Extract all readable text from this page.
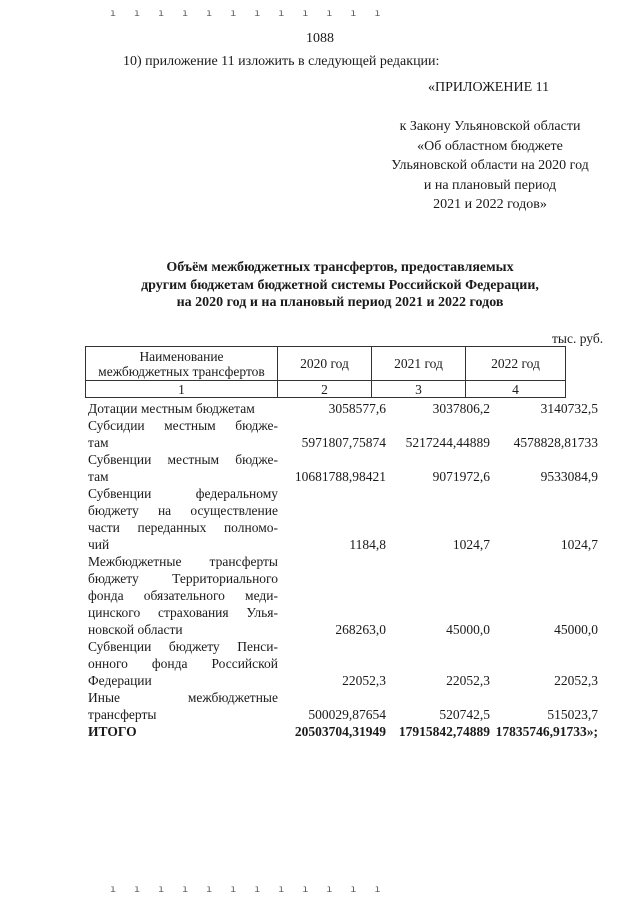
ı ı ı ı ı ı ı ı ı ı ı ı
1088
10) приложение 11 изложить в следующей редакции:
«ПРИЛОЖЕНИЕ 11
к Закону Ульяновской области
«Об областном бюджете
Ульяновской области на 2020 год
и на плановый период
2021 и 2022 годов»
Объём межбюджетных трансфертов, предоставляемых
другим бюджетам бюджетной системы Российской Федерации,
на 2020 год и на плановый период 2021 и 2022 годов
тыс. руб.
Наименование
межбюджетных трансфертов	2020 год	2021 год	2022 год
1	2	3	4
Дотации местным бюджетам	3058577,6	3037806,2	3140732,5
Субсидии местным бюдже-
там	5971807,75874	5217244,44889	4578828,81733
Субвенции местным бюдже-
там	10681788,98421	9071972,6	9533084,9
Субвенции федеральному
бюджету на осуществление
части переданных полномо-
чий	1184,8	1024,7	1024,7
Межбюджетные трансферты
бюджету Территориального
фонда обязательного меди-
цинского страхования Улья-
новской области	268263,0	45000,0	45000,0
Субвенции бюджету Пенси-
онного фонда Российской
Федерации	22052,3	22052,3	22052,3
Иные межбюджетные
трансферты	500029,87654	520742,5	515023,7
ИТОГО	20503704,31949 17915842,74889 17835746,91733»;
ı ı ı ı ı ı ı ı ı ı ı ı
